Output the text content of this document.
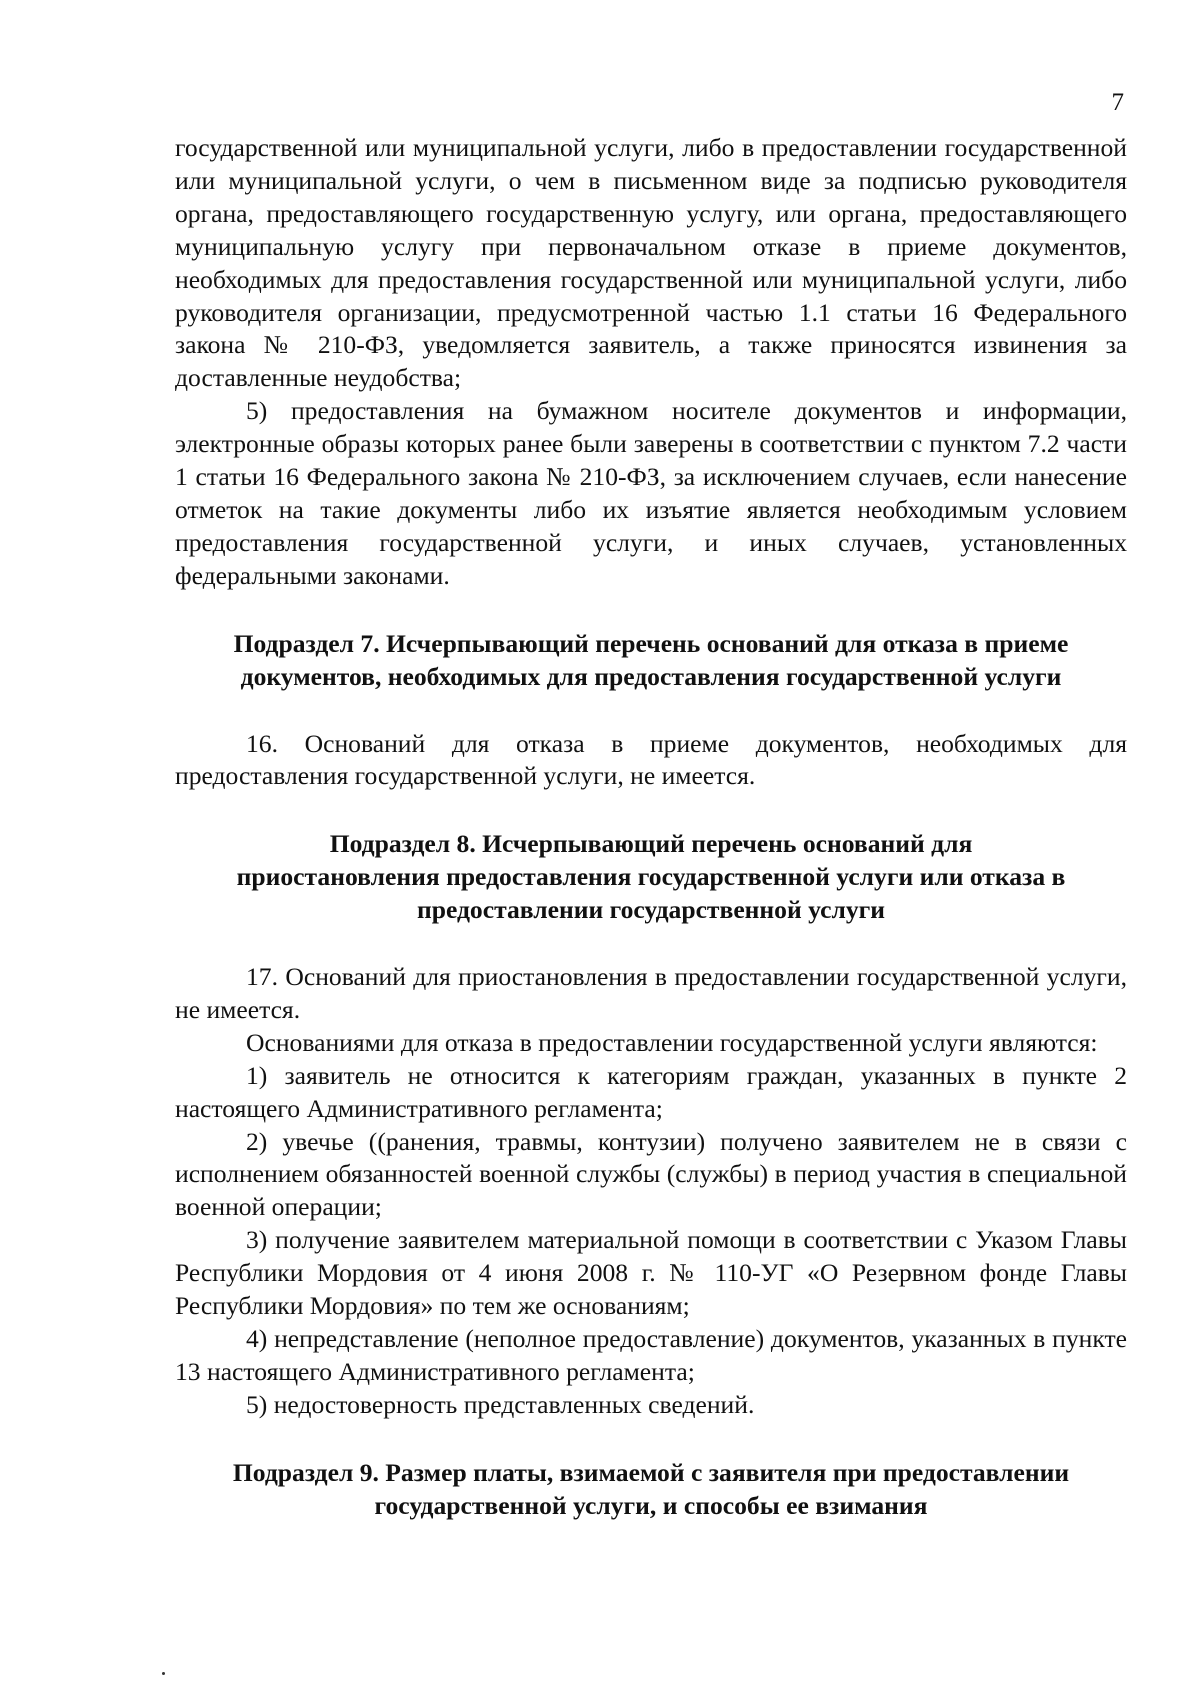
7

государственной или муниципальной услуги, либо в предоставлении государственной или муниципальной услуги, о чем в письменном виде за подписью руководителя органа, предоставляющего государственную услугу, или органа, предоставляющего муниципальную услугу при первоначальном отказе в приеме документов, необходимых для предоставления государственной или муниципальной услуги, либо руководителя организации, предусмотренной частью 1.1 статьи 16 Федерального закона № 210-ФЗ, уведомляется заявитель, а также приносятся извинения за доставленные неудобства;

5) предоставления на бумажном носителе документов и информации, электронные образы которых ранее были заверены в соответствии с пунктом 7.2 части 1 статьи 16 Федерального закона № 210-ФЗ, за исключением случаев, если нанесение отметок на такие документы либо их изъятие является необходимым условием предоставления государственной услуги, и иных случаев, установленных федеральными законами.

Подраздел 7. Исчерпывающий перечень оснований для отказа в приеме
документов, необходимых для предоставления государственной услуги

16. Оснований для отказа в приеме документов, необходимых для предоставления государственной услуги, не имеется.

Подраздел 8. Исчерпывающий перечень оснований для
приостановления предоставления государственной услуги или отказа в
предоставлении государственной услуги

17. Оснований для приостановления в предоставлении государственной услуги, не имеется.

Основаниями для отказа в предоставлении государственной услуги являются:

1) заявитель не относится к категориям граждан, указанных в пункте 2 настоящего Административного регламента;

2) увечье ((ранения, травмы, контузии) получено заявителем не в связи с исполнением обязанностей военной службы (службы) в период участия в специальной военной операции;

3) получение заявителем материальной помощи в соответствии с Указом Главы Республики Мордовия от 4 июня 2008 г. № 110-УГ «О Резервном фонде Главы Республики Мордовия» по тем же основаниям;

4) непредставление (неполное предоставление) документов, указанных в пункте 13 настоящего Административного регламента;

5) недостоверность представленных сведений.

Подраздел 9. Размер платы, взимаемой с заявителя при предоставлении
государственной услуги, и способы ее взимания
